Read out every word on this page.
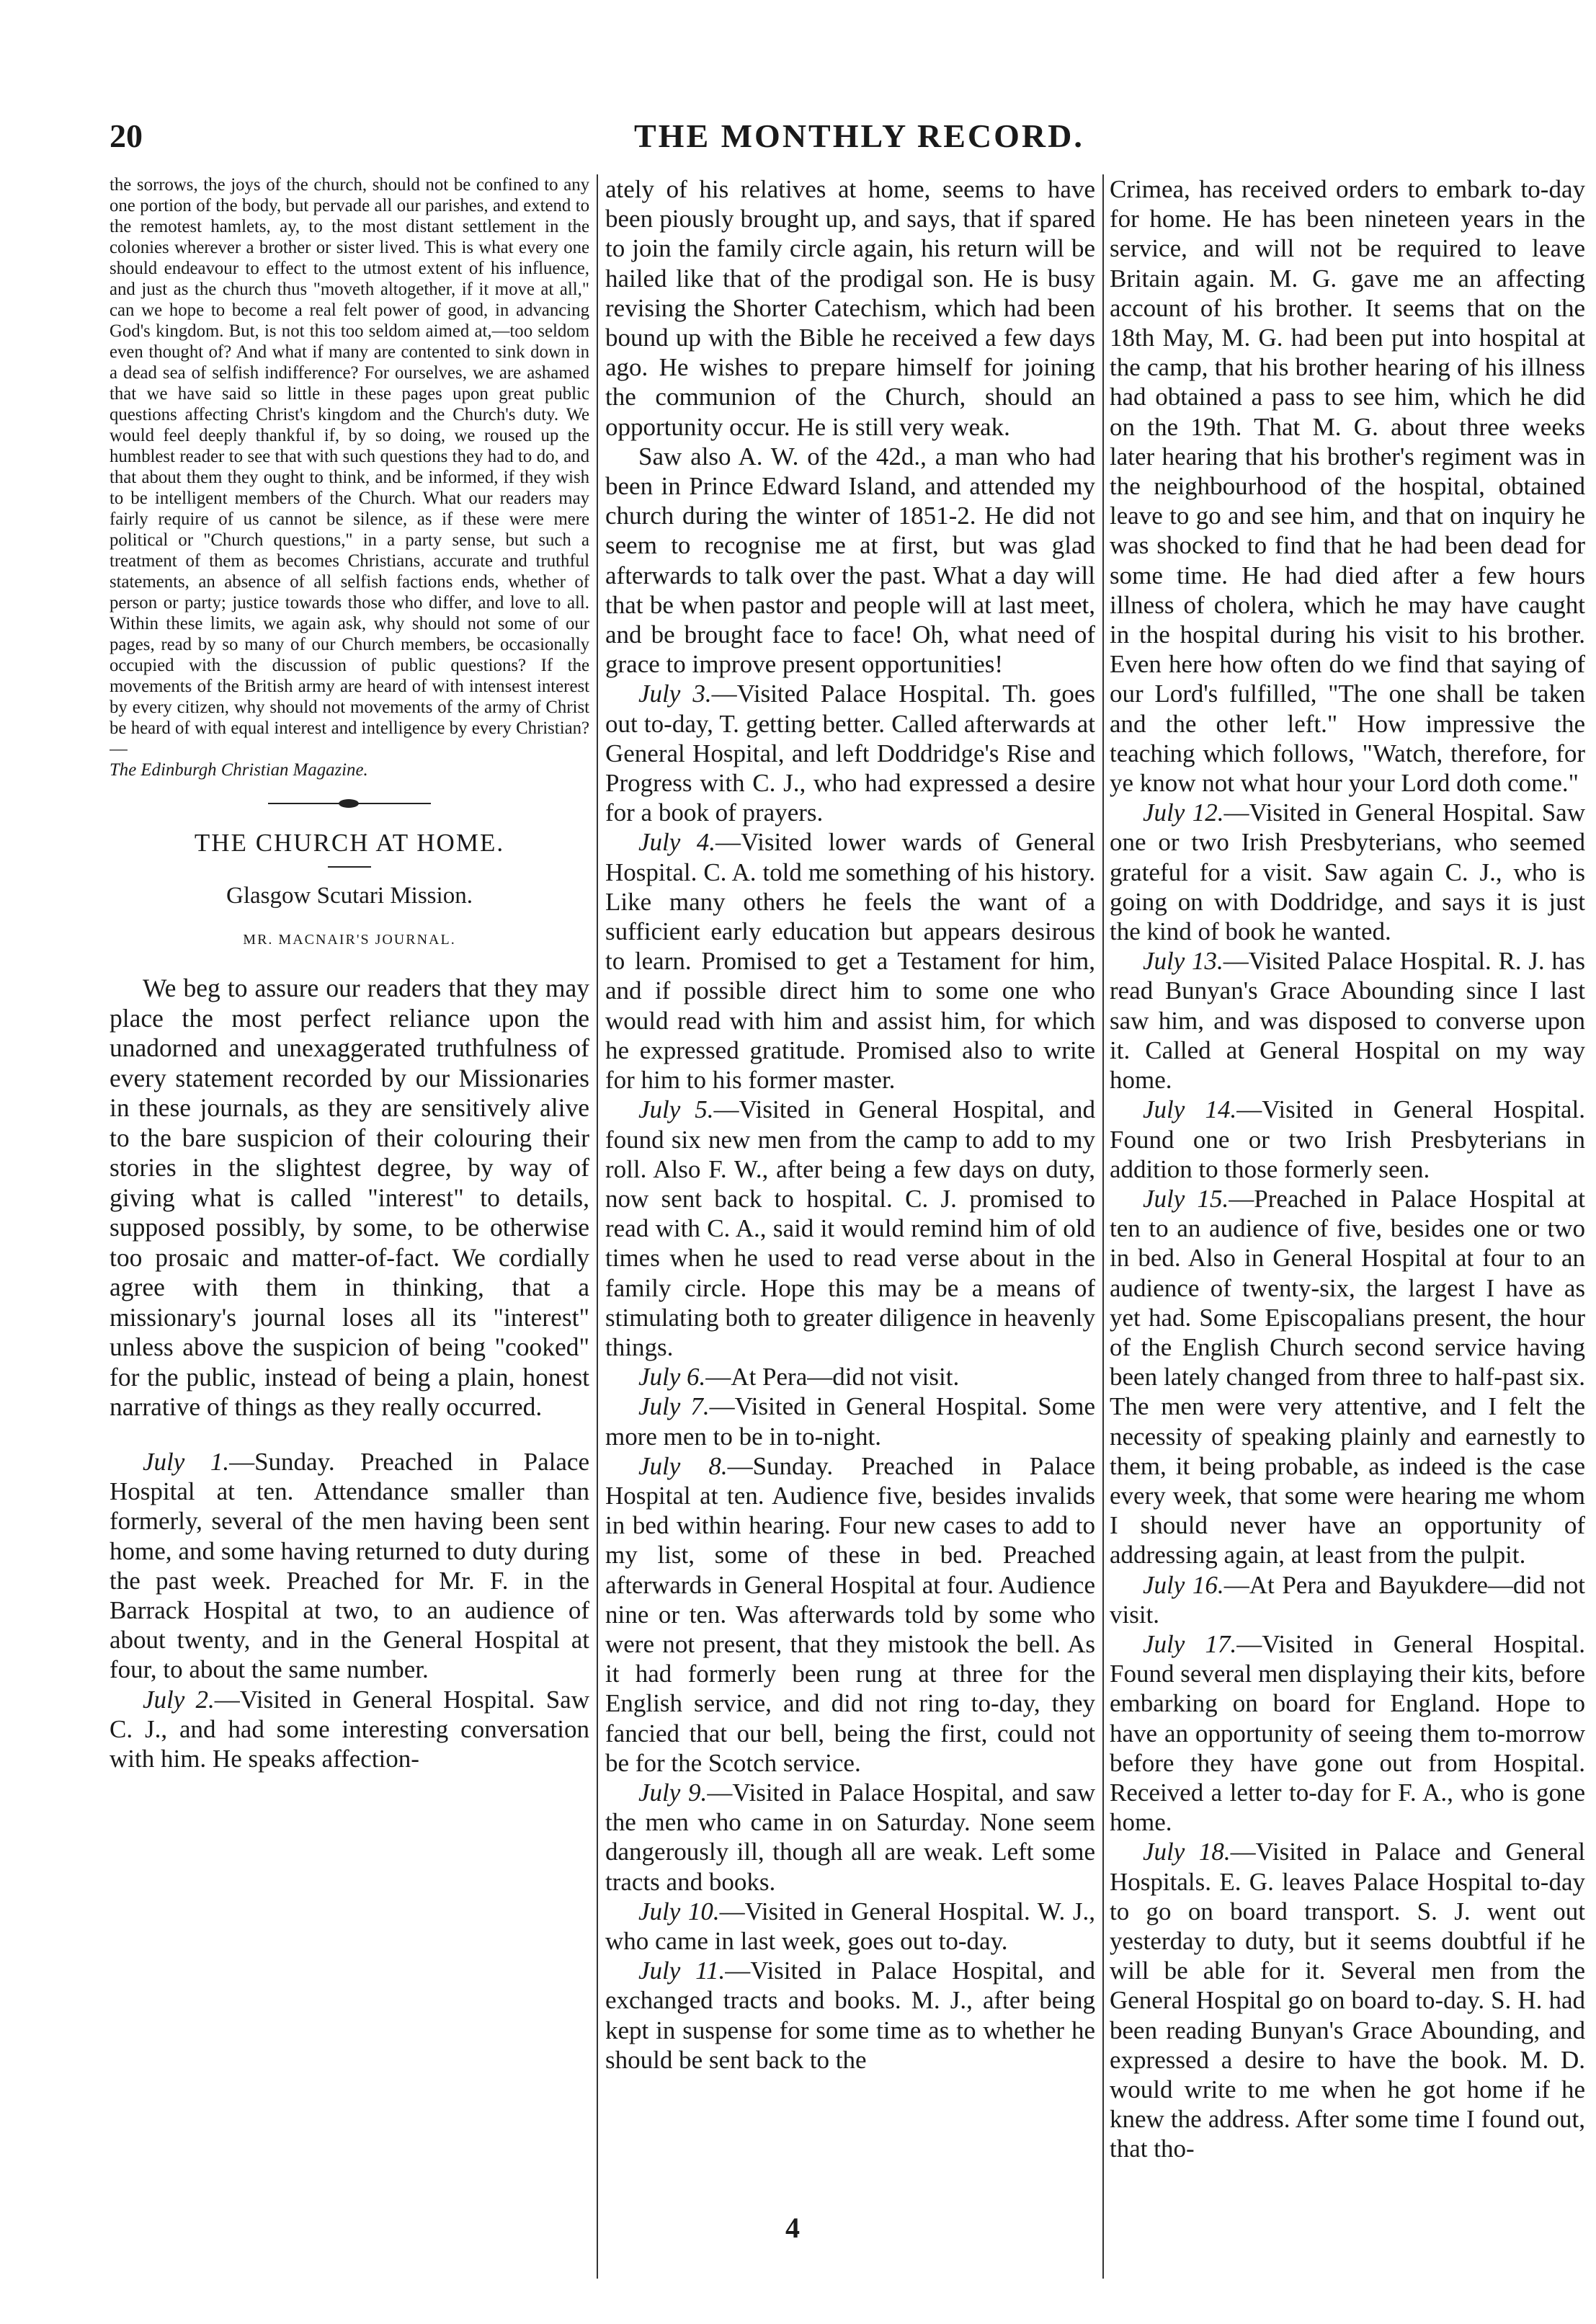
20	THE MONTHLY RECORD.

the sorrows, the joys of the church, should not be confined to any one portion of the body, but pervade all our parishes, and extend to the remotest hamlets, ay, to the most distant settlement in the colonies wherever a brother or sister lived. This is what every one should endeavour to effect to the utmost extent of his influence, and just as the church thus "moveth altogether, if it move at all," can we hope to become a real felt power of good, in advancing God's kingdom. But, is not this too seldom aimed at,—too seldom even thought of? And what if many are contented to sink down in a dead sea of selfish indifference? For ourselves, we are ashamed that we have said so little in these pages upon great public questions affecting Christ's kingdom and the Church's duty. We would feel deeply thankful if, by so doing, we roused up the humblest reader to see that with such questions they had to do, and that about them they ought to think, and be informed, if they wish to be intelligent members of the Church. What our readers may fairly require of us cannot be silence, as if these were mere political or "Church questions," in a party sense, but such a treatment of them as becomes Christians, accurate and truthful statements, an absence of all selfish factions ends, whether of person or party; justice towards those who differ, and love to all. Within these limits, we again ask, why should not some of our pages, read by so many of our Church members, be occasionally occupied with the discussion of public questions? If the movements of the British army are heard of with intensest interest by every citizen, why should not movements of the army of Christ be heard of with equal interest and intelligence by every Christian?—

The Edinburgh Christian Magazine.

THE CHURCH AT HOME.
Glasgow Scutari Mission.
MR. MACNAIR'S JOURNAL.

We beg to assure our readers that they may place the most perfect reliance upon the unadorned and unexaggerated truthfulness of every statement recorded by our Missionaries in these journals, as they are sensitively alive to the bare suspicion of their colouring their stories in the slightest degree, by way of giving what is called "interest" to details, supposed possibly, by some, to be otherwise too prosaic and matter-of-fact. We cordially agree with them in thinking, that a missionary's journal loses all its "interest" unless above the suspicion of being "cooked" for the public, instead of being a plain, honest narrative of things as they really occurred.

July 1.—Sunday. Preached in Palace Hospital at ten. Attendance smaller than formerly, several of the men having been sent home, and some having returned to duty during the past week. Preached for Mr. F. in the Barrack Hospital at two, to an audience of about twenty, and in the General Hospital at four, to about the same number.

July 2.—Visited in General Hospital. Saw C. J., and had some interesting conversation with him. He speaks affection-

ately of his relatives at home, seems to have been piously brought up, and says, that if spared to join the family circle again, his return will be hailed like that of the prodigal son. He is busy revising the Shorter Catechism, which had been bound up with the Bible he received a few days ago. He wishes to prepare himself for joining the communion of the Church, should an opportunity occur. He is still very weak.

Saw also A. W. of the 42d., a man who had been in Prince Edward Island, and attended my church during the winter of 1851-2. He did not seem to recognise me at first, but was glad afterwards to talk over the past. What a day will that be when pastor and people will at last meet, and be brought face to face! Oh, what need of grace to improve present opportunities!

July 3.—Visited Palace Hospital. Th. goes out to-day, T. getting better. Called afterwards at General Hospital, and left Doddridge's Rise and Progress with C. J., who had expressed a desire for a book of prayers.

July 4.—Visited lower wards of General Hospital. C. A. told me something of his history. Like many others he feels the want of a sufficient early education but appears desirous to learn. Promised to get a Testament for him, and if possible direct him to some one who would read with him and assist him, for which he expressed gratitude. Promised also to write for him to his former master.

July 5.—Visited in General Hospital, and found six new men from the camp to add to my roll. Also F. W., after being a few days on duty, now sent back to hospital. C. J. promised to read with C. A., said it would remind him of old times when he used to read verse about in the family circle. Hope this may be a means of stimulating both to greater diligence in heavenly things.

July 6.—At Pera—did not visit.

July 7.—Visited in General Hospital. Some more men to be in to-night.

July 8.—Sunday. Preached in Palace Hospital at ten. Audience five, besides invalids in bed within hearing. Four new cases to add to my list, some of these in bed. Preached afterwards in General Hospital at four. Audience nine or ten. Was afterwards told by some who were not present, that they mistook the bell. As it had formerly been rung at three for the English service, and did not ring to-day, they fancied that our bell, being the first, could not be for the Scotch service.

July 9.—Visited in Palace Hospital, and saw the men who came in on Saturday. None seem dangerously ill, though all are weak. Left some tracts and books.

July 10.—Visited in General Hospital. W. J., who came in last week, goes out to-day.

July 11.—Visited in Palace Hospital, and exchanged tracts and books. M. J., after being kept in suspense for some time as to whether he should be sent back to the

Crimea, has received orders to embark to-day for home. He has been nineteen years in the service, and will not be required to leave Britain again. M. G. gave me an affecting account of his brother. It seems that on the 18th May, M. G. had been put into hospital at the camp, that his brother hearing of his illness had obtained a pass to see him, which he did on the 19th. That M. G. about three weeks later hearing that his brother's regiment was in the neighbourhood of the hospital, obtained leave to go and see him, and that on inquiry he was shocked to find that he had been dead for some time. He had died after a few hours illness of cholera, which he may have caught in the hospital during his visit to his brother. Even here how often do we find that saying of our Lord's fulfilled, "The one shall be taken and the other left." How impressive the teaching which follows, "Watch, therefore, for ye know not what hour your Lord doth come."

July 12.—Visited in General Hospital. Saw one or two Irish Presbyterians, who seemed grateful for a visit. Saw again C. J., who is going on with Doddridge, and says it is just the kind of book he wanted.

July 13.—Visited Palace Hospital. R. J. has read Bunyan's Grace Abounding since I last saw him, and was disposed to converse upon it. Called at General Hospital on my way home.

July 14.—Visited in General Hospital. Found one or two Irish Presbyterians in addition to those formerly seen.

July 15.—Preached in Palace Hospital at ten to an audience of five, besides one or two in bed. Also in General Hospital at four to an audience of twenty-six, the largest I have as yet had. Some Episcopalians present, the hour of the English Church second service having been lately changed from three to half-past six. The men were very attentive, and I felt the necessity of speaking plainly and earnestly to them, it being probable, as indeed is the case every week, that some were hearing me whom I should never have an opportunity of addressing again, at least from the pulpit.

July 16.—At Pera and Bayukdere—did not visit.

July 17.—Visited in General Hospital. Found several men displaying their kits, before embarking on board for England. Hope to have an opportunity of seeing them to-morrow before they have gone out from Hospital. Received a letter to-day for F. A., who is gone home.

July 18.—Visited in Palace and General Hospitals. E. G. leaves Palace Hospital to-day to go on board transport. S. J. went out yesterday to duty, but it seems doubtful if he will be able for it. Several men from the General Hospital go on board to-day. S. H. had been reading Bunyan's Grace Abounding, and expressed a desire to have the book. M. D. would write to me when he got home if he knew the address. After some time I found out, that tho-

4
